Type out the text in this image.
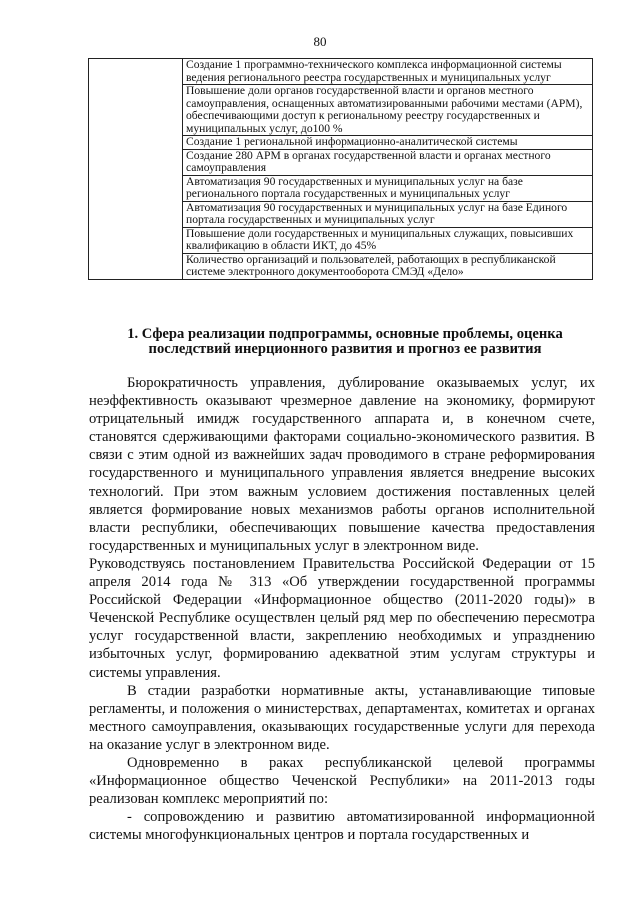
80
	Создание 1 программно-технического комплекса информационной системы ведения регионального реестра государственных и муниципальных услуг
Повышение доли органов государственной власти и органов местного самоуправления, оснащенных автоматизированными рабочими местами (АРМ), обеспечивающими доступ к региональному реестру государственных и муниципальных услуг, до100 %
Создание 1 региональной информационно-аналитической системы
Создание 280 АРМ в органах государственной власти и органах местного самоуправления
Автоматизация 90 государственных и муниципальных услуг на базе регионального портала государственных и муниципальных услуг
Автоматизация 90 государственных и муниципальных услуг на базе Единого портала государственных и муниципальных услуг
Повышение доли государственных и муниципальных служащих, повысивших квалификацию в области ИКТ, до 45%
Количество организаций и пользователей, работающих в республиканской системе электронного документооборота СМЭД «Дело»
1. Сфера реализации подпрограммы, основные проблемы, оценка последствий инерционного развития и прогноз ее развития

Бюрократичность управления, дублирование оказываемых услуг, их неэффективность оказывают чрезмерное давление на экономику, формируют отрицательный имидж государственного аппарата и, в конечном счете, становятся сдерживающими факторами социально-экономического развития. В связи с этим одной из важнейших задач проводимого в стране реформирования государственного и муниципального управления является внедрение высоких технологий. При этом важным условием достижения поставленных целей является формирование новых механизмов работы органов исполнительной власти республики, обеспечивающих повышение качества предоставления государственных и муниципальных услуг в электронном виде.

Руководствуясь постановлением Правительства Российской Федерации от 15 апреля 2014 года № 313 «Об утверждении государственной программы Российской Федерации «Информационное общество (2011-2020 годы)» в Чеченской Республике осуществлен целый ряд мер по обеспечению пересмотра услуг государственной власти, закреплению необходимых и упразднению избыточных услуг, формированию адекватной этим услугам структуры и системы управления.

В стадии разработки нормативные акты, устанавливающие типовые регламенты, и положения о министерствах, департаментах, комитетах и органах местного самоуправления, оказывающих государственные услуги для перехода на оказание услуг в электронном виде.

Одновременно в раках республиканской целевой программы «Информационное общество Чеченской Республики» на 2011-2013 годы реализован комплекс мероприятий по:

- сопровождению и развитию автоматизированной информационной системы многофункциональных центров и портала государственных и
